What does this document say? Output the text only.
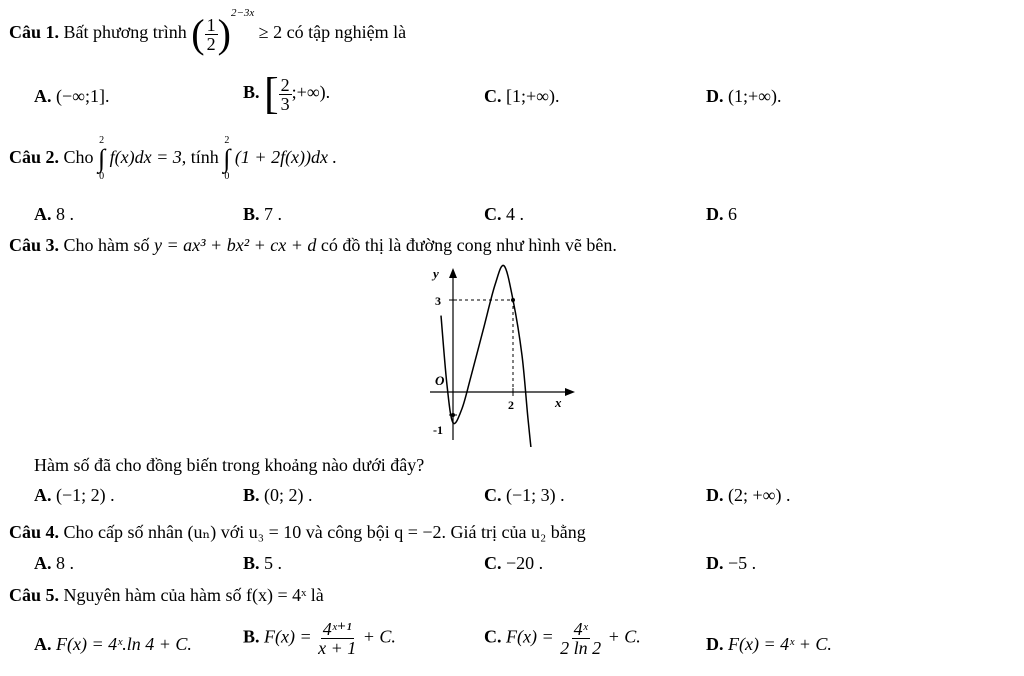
Câu 1. Bất phương trình ( $\frac{1}{2} )^{2-3x} \ge 2$ có tập nghiệm là
A. (−∞;1].	B. [ $\frac{2}{3}$ ;+∞).	C. [1;+∞).	D. (1;+∞).
Câu 2. Cho
2
∫
0
f(x)dx = 3, tính
2
∫
0
(1 + 2f(x))dx .
A. 8 .	B. 7 .	C. 4 .	D. 6
Câu 3. Cho hàm số y = ax³ + bx² + cx + d có đồ thị là đường cong như hình vẽ bên.
y
x
O
3
-1
2
Hàm số đã cho đồng biến trong khoảng nào dưới đây?
A. (−1; 2) .	B. (0; 2) .	C. (−1; 3) .	D. (2; +∞) .
Câu 4. Cho cấp số nhân (uₙ) với u₃ = 10 và công bội q = −2. Giá trị của u₂ bằng
A. 8 .	B. 5 .	C. −20 .	D. −5 .
Câu 5. Nguyên hàm của hàm số f(x) = 4ˣ là
A. F(x) = 4ˣ.ln 4 + C.	B. $F(x) = \frac{\text{4ˣ⁺¹}}{x + 1} + C$.	C. $F(x) = \frac{\text{4ˣ}}{2 \ln 2} + C$.	D. F(x) = 4ˣ + C.
